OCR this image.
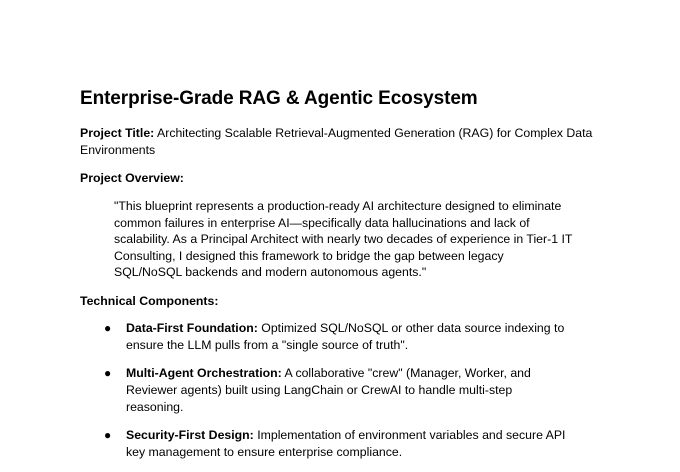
Enterprise-Grade RAG & Agentic Ecosystem
Project Title: Architecting Scalable Retrieval-Augmented Generation (RAG) for Complex Data Environments
Project Overview:
"This blueprint represents a production-ready AI architecture designed to eliminate common failures in enterprise AI—specifically data hallucinations and lack of scalability. As a Principal Architect with nearly two decades of experience in Tier-1 IT Consulting, I designed this framework to bridge the gap between legacy SQL/NoSQL backends and modern autonomous agents."
Technical Components:
● Data-First Foundation: Optimized SQL/NoSQL or other data source indexing to ensure the LLM pulls from a "single source of truth".
● Multi-Agent Orchestration: A collaborative "crew" (Manager, Worker, and Reviewer agents) built using LangChain or CrewAI to handle multi-step reasoning.
● Security-First Design: Implementation of environment variables and secure API key management to ensure enterprise compliance.
